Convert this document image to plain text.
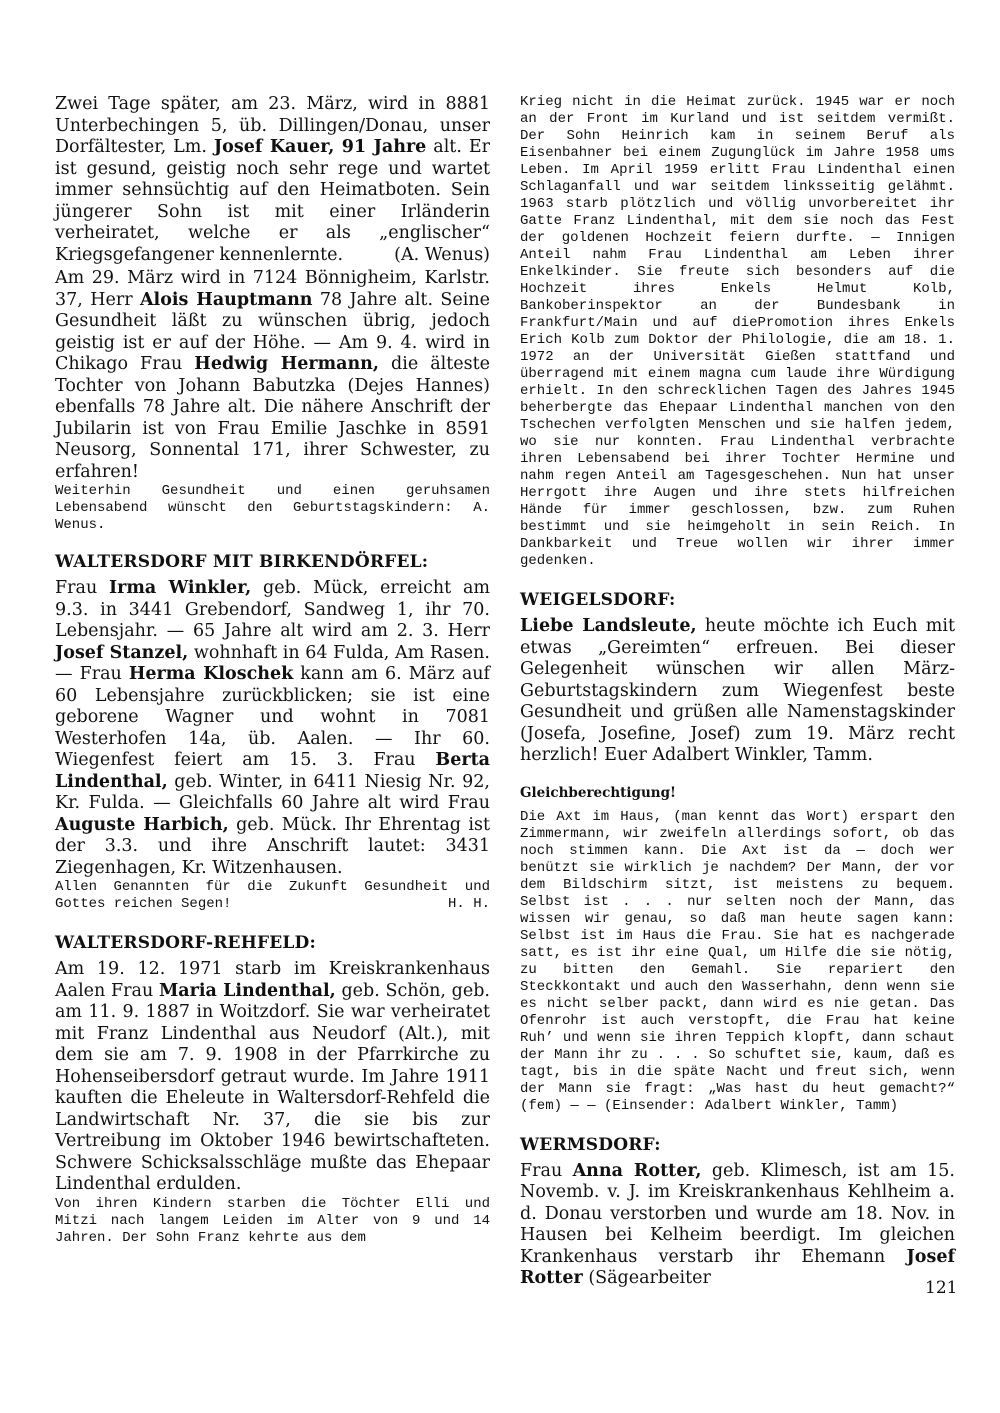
Zwei Tage später, am 23. März, wird in 8881 Unterbechingen 5, üb. Dillingen/Donau, unser Dorfältester, Lm. Josef Kauer, 91 Jahre alt. Er ist gesund, geistig noch sehr rege und wartet immer sehnsüchtig auf den Heimatboten. Sein jüngerer Sohn ist mit einer Irländerin verheiratet, welche er als „englischer“ Kriegsgefangener kennenlernte.	(A. Wenus)

Am 29. März wird in 7124 Bönnigheim, Karlstr. 37, Herr Alois Hauptmann 78 Jahre alt. Seine Gesundheit läßt zu wünschen übrig, jedoch geistig ist er auf der Höhe. — Am 9. 4. wird in Chikago Frau Hedwig Hermann, die älteste Tochter von Johann Babutzka (Dejes Hannes) ebenfalls 78 Jahre alt. Die nähere Anschrift der Jubilarin ist von Frau Emilie Jaschke in 8591 Neusorg, Sonnental 171, ihrer Schwester, zu erfahren!

Weiterhin Gesundheit und einen geruhsamen Lebensabend wünscht den Geburtstagskindern: A. Wenus.

WALTERSDORF MIT BIRKENDÖRFEL:

Frau Irma Winkler, geb. Mück, erreicht am 9.3. in 3441 Grebendorf, Sandweg 1, ihr 70. Lebensjahr. — 65 Jahre alt wird am 2. 3. Herr Josef Stanzel, wohnhaft in 64 Fulda, Am Rasen. — Frau Herma Kloschek kann am 6. März auf 60 Lebensjahre zurückblicken; sie ist eine geborene Wagner und wohnt in 7081 Westerhofen 14a, üb. Aalen. — Ihr 60. Wiegenfest feiert am 15. 3. Frau Berta Lindenthal, geb. Winter, in 6411 Niesig Nr. 92, Kr. Fulda. — Gleichfalls 60 Jahre alt wird Frau Auguste Harbich, geb. Mück. Ihr Ehrentag ist der 3.3. und ihre Anschrift lautet: 3431 Ziegenhagen, Kr. Witzenhausen.

Allen Genannten für die Zukunft Gesundheit und Gottes reichen Segen!	H. H.

WALTERSDORF-REHFELD:

Am 19. 12. 1971 starb im Kreiskrankenhaus Aalen Frau Maria Lindenthal, geb. Schön, geb. am 11. 9. 1887 in Woitzdorf. Sie war verheiratet mit Franz Lindenthal aus Neudorf (Alt.), mit dem sie am 7. 9. 1908 in der Pfarrkirche zu Hohenseibersdorf getraut wurde. Im Jahre 1911 kauften die Eheleute in Waltersdorf-Rehfeld die Landwirtschaft Nr. 37, die sie bis zur Vertreibung im Oktober 1946 bewirtschafteten. Schwere Schicksalsschläge mußte das Ehepaar Lindenthal erdulden.

Von ihren Kindern starben die Töchter Elli und Mitzi nach langem Leiden im Alter von 9 und 14 Jahren. Der Sohn Franz kehrte aus dem

Krieg nicht in die Heimat zurück. 1945 war er noch an der Front im Kurland und ist seitdem vermißt. Der Sohn Heinrich kam in seinem Beruf als Eisenbahner bei einem Zugunglück im Jahre 1958 ums Leben. Im April 1959 erlitt Frau Lindenthal einen Schlaganfall und war seitdem linksseitig gelähmt. 1963 starb plötzlich und völlig unvorbereitet ihr Gatte Franz Lindenthal, mit dem sie noch das Fest der goldenen Hochzeit feiern durfte. — Innigen Anteil nahm Frau Lindenthal am Leben ihrer Enkelkinder. Sie freute sich besonders auf die Hochzeit ihres Enkels Helmut Kolb, Bankoberinspektor an der Bundesbank in Frankfurt/Main und auf diePromotion ihres Enkels Erich Kolb zum Doktor der Philologie, die am 18. 1. 1972 an der Universität Gießen stattfand und überragend mit einem magna cum laude ihre Würdigung erhielt. In den schrecklichen Tagen des Jahres 1945 beherbergte das Ehepaar Lindenthal manchen von den Tschechen verfolgten Menschen und sie halfen jedem, wo sie nur konnten. Frau Lindenthal verbrachte ihren Lebensabend bei ihrer Tochter Hermine und nahm regen Anteil am Tagesgeschehen. Nun hat unser Herrgott ihre Augen und ihre stets hilfreichen Hände für immer geschlossen, bzw. zum Ruhen bestimmt und sie heimgeholt in sein Reich. In Dankbarkeit und Treue wollen wir ihrer immer gedenken.

WEIGELSDORF:

Liebe Landsleute, heute möchte ich Euch mit etwas „Gereimten“ erfreuen. Bei dieser Gelegenheit wünschen wir allen März-Geburtstagskindern zum Wiegenfest beste Gesundheit und grüßen alle Namenstagskinder (Josefa, Josefine, Josef) zum 19. März recht herzlich! Euer Adalbert Winkler, Tamm.

Gleichberechtigung!

Die Axt im Haus, (man kennt das Wort) erspart den Zimmermann, wir zweifeln allerdings sofort, ob das noch stimmen kann. Die Axt ist da — doch wer benützt sie wirklich je nachdem? Der Mann, der vor dem Bildschirm sitzt, ist meistens zu bequem. Selbst ist . . . nur selten noch der Mann, das wissen wir genau, so daß man heute sagen kann: Selbst ist im Haus die Frau. Sie hat es nachgerade satt, es ist ihr eine Qual, um Hilfe die sie nötig, zu bitten den Gemahl. Sie repariert den Steckkontakt und auch den Wasserhahn, denn wenn sie es nicht selber packt, dann wird es nie getan. Das Ofenrohr ist auch verstopft, die Frau hat keine Ruh’ und wenn sie ihren Teppich klopft, dann schaut der Mann ihr zu . . . So schuftet sie, kaum, daß es tagt, bis in die späte Nacht und freut sich, wenn der Mann sie fragt: „Was hast du heut gemacht?“ (fem) — — (Einsender: Adalbert Winkler, Tamm)

WERMSDORF:

Frau Anna Rotter, geb. Klimesch, ist am 15. Novemb. v. J. im Kreiskrankenhaus Kehlheim a. d. Donau verstorben und wurde am 18. Nov. in Hausen bei Kelheim beerdigt. Im gleichen Krankenhaus verstarb ihr Ehemann Josef Rotter (Sägearbeiter	121
